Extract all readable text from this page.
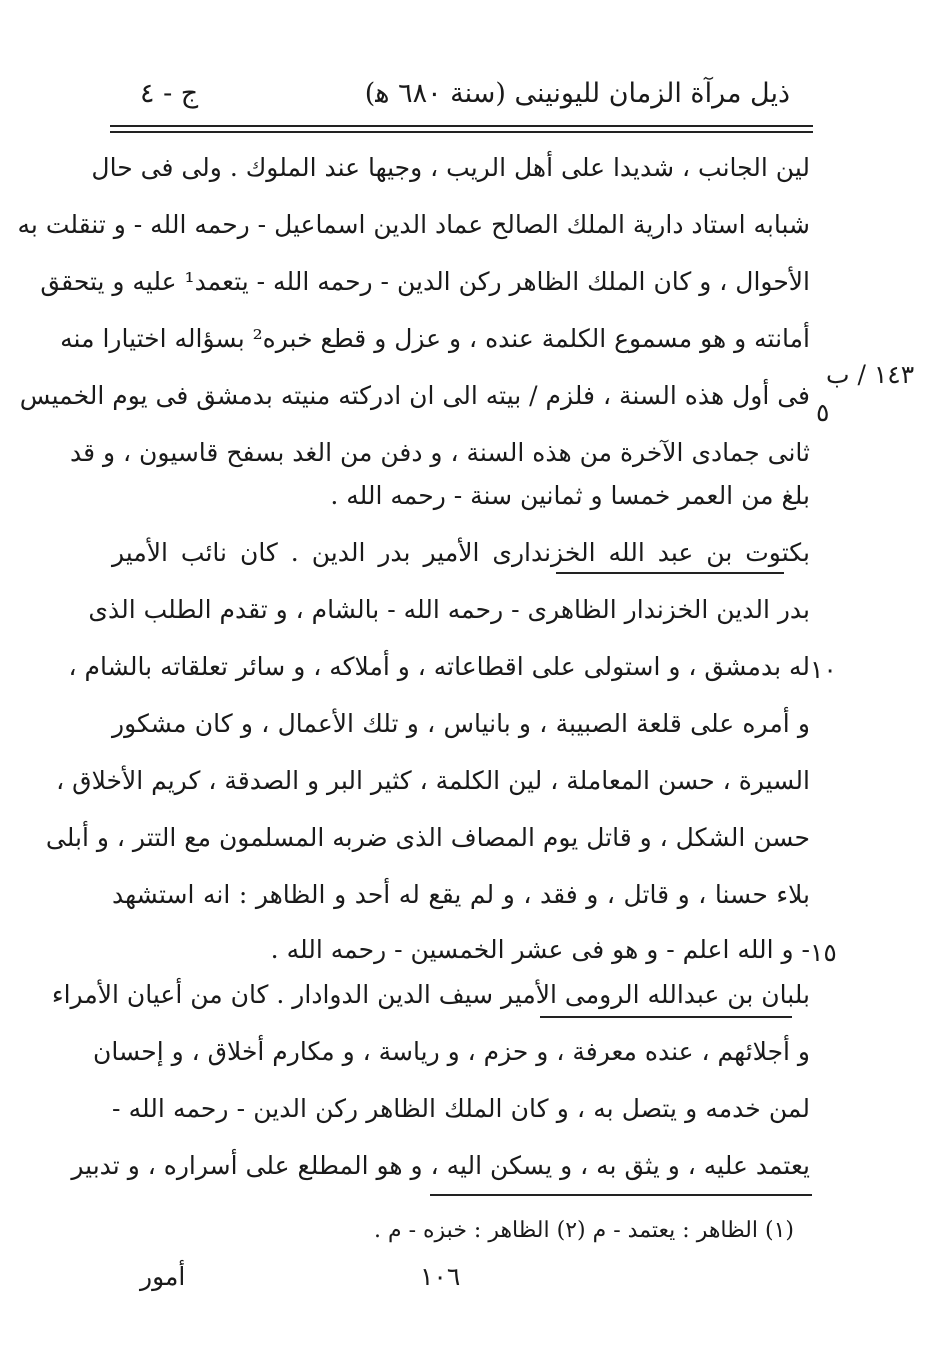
ذيل مرآة الزمان لليونينى (سنة ٦٨٠ ﻫ)
ج - ٤
١٤٣ / ب
٥
١٠
١٥
لين الجانب ، شديدا على أهل الريب ، وجيها عند الملوك . ولى فى حال
شبابه استاد دارية الملك الصالح عماد الدين اسماعيل - رحمه الله - و تنقلت به
الأحوال ، و كان الملك الظاهر ركن الدين - رحمه الله - يتعمد¹ عليه و يتحقق
أمانته و هو مسموع الكلمة عنده ، و عزل و قطع خبره² بسؤاله اختيارا منه
فى أول هذه السنة ، فلزم / بيته الى ان ادركته منيته بدمشق فى يوم الخميس
ثانى جمادى الآخرة من هذه السنة ، و دفن من الغد بسفح قاسيون ، و قد
بلغ من العمر خمسا و ثمانين سنة - رحمه الله .
بكتوت بن عبد الله الخزندارى الأمير بدر الدين . كان نائب الأمير
بدر الدين الخزندار الظاهرى - رحمه الله - بالشام ، و تقدم الطلب الذى
له بدمشق ، و استولى على اقطاعاته ، و أملاكه ، و سائر تعلقاته بالشام ،
و أمره على قلعة الصبيبة ، و بانياس ، و تلك الأعمال ، و كان مشكور
السيرة ، حسن المعاملة ، لين الكلمة ، كثير البر و الصدقة ، كريم الأخلاق ،
حسن الشكل ، و قاتل يوم المصاف الذى ضربه المسلمون مع التتر ، و أبلى
بلاء حسنا ، و قاتل ، و فقد ، و لم يقع له أحد و الظاهر : انه استشهد
- و الله اعلم - و هو فى عشر الخمسين - رحمه الله .
بلبان بن عبدالله الرومى الأمير سيف الدين الدوادار . كان من أعيان الأمراء
و أجلائهم ، عنده معرفة ، و حزم ، و رياسة ، و مكارم أخلاق ، و إحسان
لمن خدمه و يتصل به ، و كان الملك الظاهر ركن الدين - رحمه الله -
يعتمد عليه ، و يثق به ، و يسكن اليه ، و هو المطلع على أسراره ، و تدبير
(١) الظاهر : يعتمد - م (٢) الظاهر : خبزه - م .
١٠٦
أمور
